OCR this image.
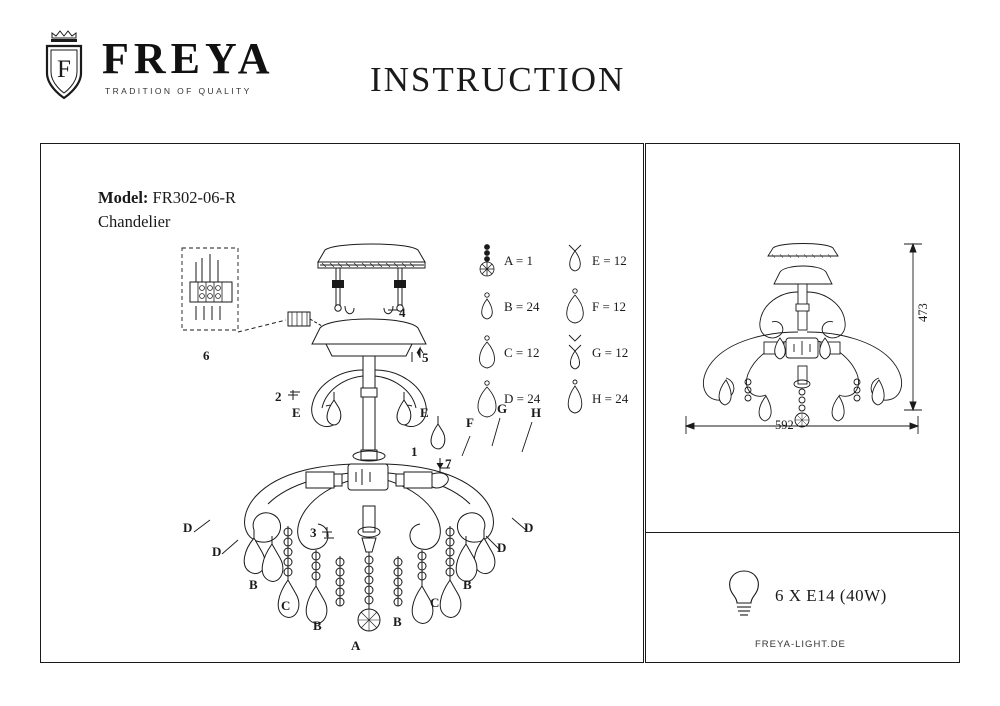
F FREYA
TRADITION OF QUALITY	INSTRUCTION
Model: FR302-06-R
Chandelier
1
2
3
4
5
6
7
E	E
F
G H
D
D	D
D
B	B
B	B
C	C
A
A = 1
B = 24
C = 12
D = 24
E = 12
F = 12
G = 12
H = 24
592
473
6 X E14 (40W)
FREYA-LIGHT.DE
